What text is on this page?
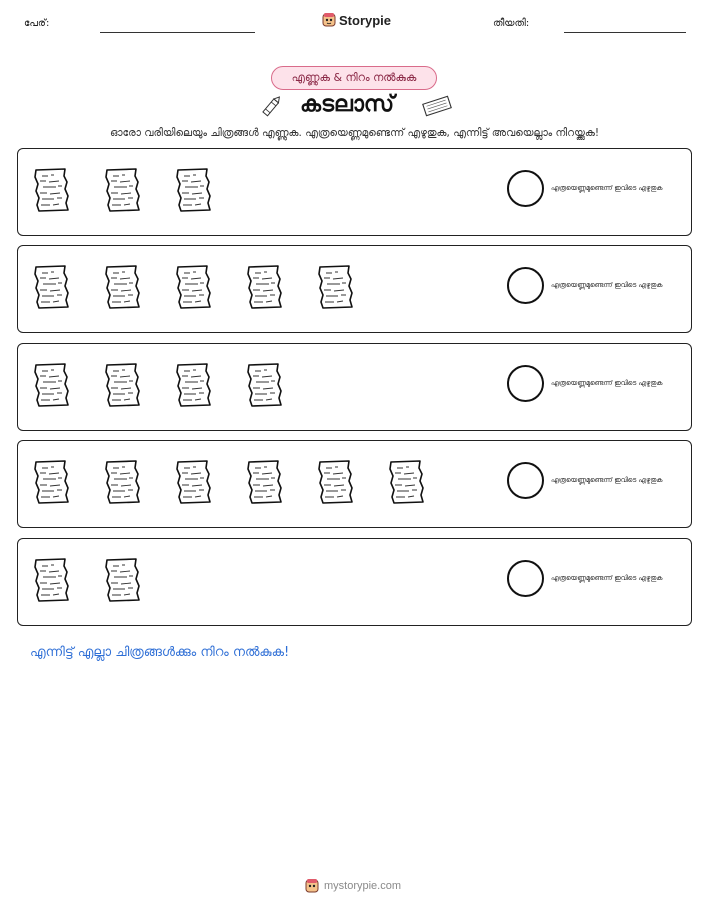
പേര്:	Storypie	തീയതി:
എണ്ണുക & നിറം നൽകുക
കടലാസ്
ഓരോ വരിയിലെയും ചിത്രങ്ങൾ എണ്ണുക. എത്രയെണ്ണമുണ്ടെന്ന് എഴുതുക, എന്നിട്ട് അവയെല്ലാം നിറയ്ക്കുക!
എത്രയെണ്ണമുണ്ടെന്ന് ഇവിടെ എഴുതുക
എത്രയെണ്ണമുണ്ടെന്ന് ഇവിടെ എഴുതുക
എത്രയെണ്ണമുണ്ടെന്ന് ഇവിടെ എഴുതുക
എത്രയെണ്ണമുണ്ടെന്ന് ഇവിടെ എഴുതുക
എത്രയെണ്ണമുണ്ടെന്ന് ഇവിടെ എഴുതുക
എന്നിട്ട് എല്ലാ ചിത്രങ്ങൾക്കും നിറം നൽകുക!
mystorypie.com
